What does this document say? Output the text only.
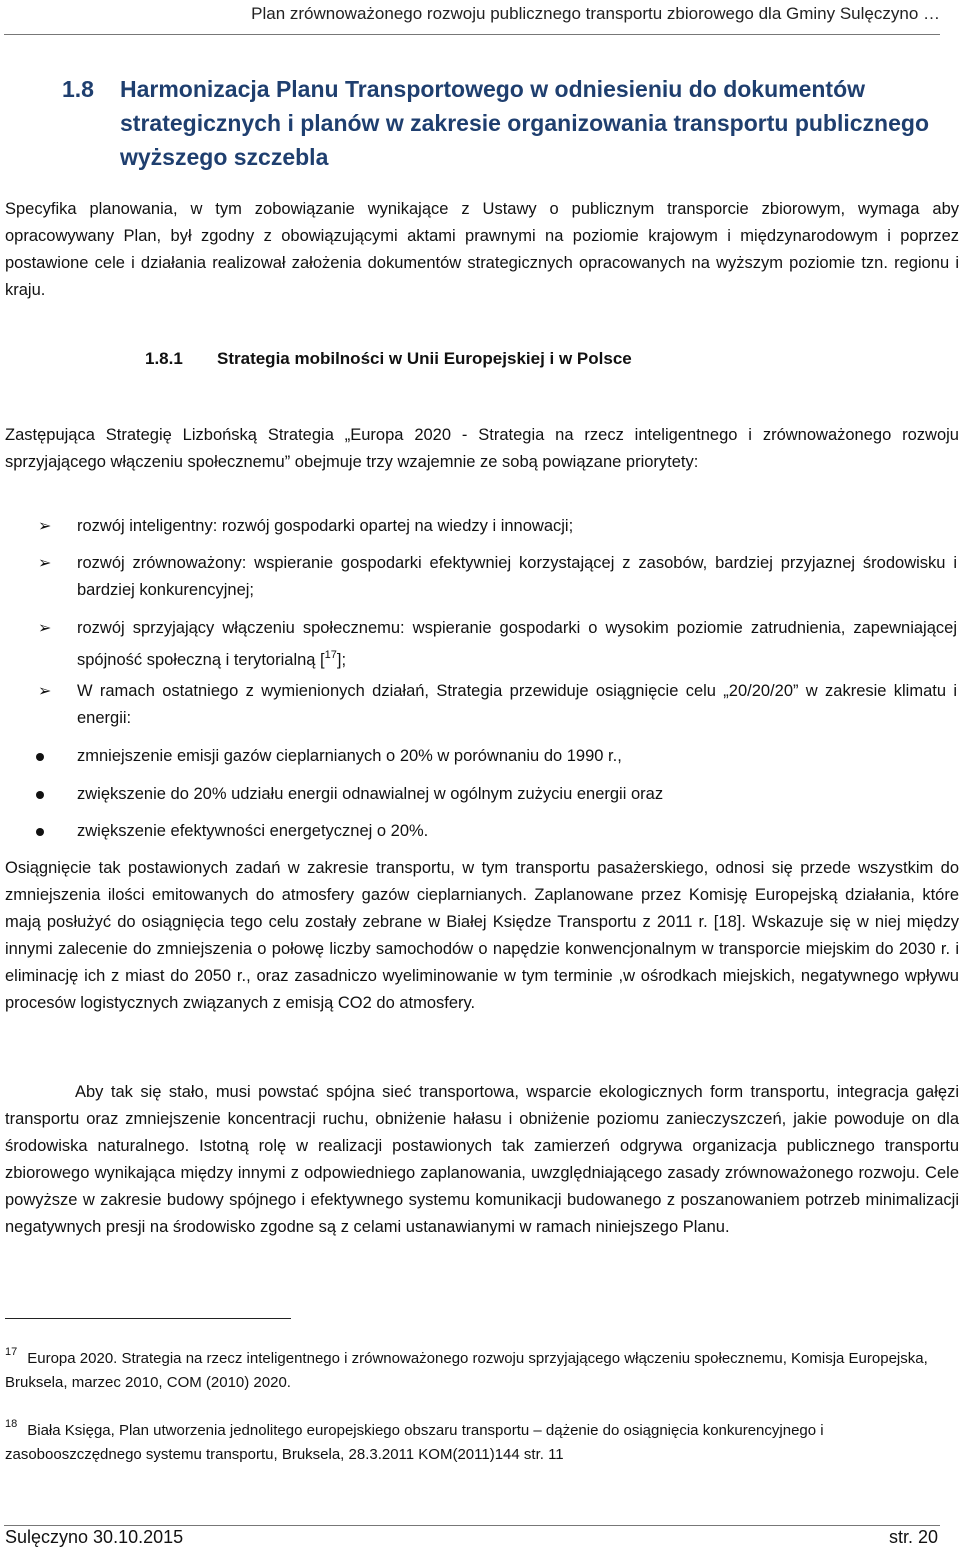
Plan zrównoważonego rozwoju publicznego transportu zbiorowego dla Gminy Sulęczyno …
1.8 Harmonizacja Planu Transportowego w odniesieniu do dokumentów strategicznych i planów w zakresie organizowania transportu publicznego wyższego szczebla
Specyfika planowania, w tym zobowiązanie wynikające z Ustawy o publicznym transporcie zbiorowym, wymaga aby opracowywany Plan, był zgodny z obowiązującymi aktami prawnymi na poziomie krajowym i międzynarodowym i poprzez postawione cele i działania realizował założenia dokumentów strategicznych opracowanych na wyższym poziomie tzn. regionu i kraju.
1.8.1 Strategia mobilności w Unii Europejskiej i w Polsce
Zastępująca Strategię Lizbońską Strategia „Europa 2020 - Strategia na rzecz inteligentnego i zrównoważonego rozwoju sprzyjającego włączeniu społecznemu” obejmuje trzy wzajemnie ze sobą powiązane priorytety:
➢ rozwój inteligentny: rozwój gospodarki opartej na wiedzy i innowacji;
➢ rozwój zrównoważony: wspieranie gospodarki efektywniej korzystającej z zasobów, bardziej przyjaznej środowisku i bardziej konkurencyjnej;
➢ rozwój sprzyjający włączeniu społecznemu: wspieranie gospodarki o wysokim poziomie zatrudnienia, zapewniającej spójność społeczną i terytorialną [$^{17}$];
➢ W ramach ostatniego z wymienionych działań, Strategia przewiduje osiągnięcie celu „20/20/20” w zakresie klimatu i energii:
zmniejszenie emisji gazów cieplarnianych o 20% w porównaniu do 1990 r.,
zwiększenie do 20% udziału energii odnawialnej w ogólnym zużyciu energii oraz
zwiększenie efektywności energetycznej o 20%.
Osiągnięcie tak postawionych zadań w zakresie transportu, w tym transportu pasażerskiego, odnosi się przede wszystkim do zmniejszenia ilości emitowanych do atmosfery gazów cieplarnianych. Zaplanowane przez Komisję Europejską działania, które mają posłużyć do osiągnięcia tego celu zostały zebrane w Białej Księdze Transportu z 2011 r. [18]. Wskazuje się w niej między innymi zalecenie do zmniejszenia o połowę liczby samochodów o napędzie konwencjonalnym w transporcie miejskim do 2030 r. i eliminację ich z miast do 2050 r., oraz zasadniczo wyeliminowanie w tym terminie ,w ośrodkach miejskich, negatywnego wpływu procesów logistycznych związanych z emisją CO2 do atmosfery.
Aby tak się stało, musi powstać spójna sieć transportowa, wsparcie ekologicznych form transportu, integracja gałęzi transportu oraz zmniejszenie koncentracji ruchu, obniżenie hałasu i obniżenie poziomu zanieczyszczeń, jakie powoduje on dla środowiska naturalnego. Istotną rolę w realizacji postawionych tak zamierzeń odgrywa organizacja publicznego transportu zbiorowego wynikająca między innymi z odpowiedniego zaplanowania, uwzględniającego zasady zrównoważonego rozwoju. Cele powyższe w zakresie budowy spójnego i efektywnego systemu komunikacji budowanego z poszanowaniem potrzeb minimalizacji negatywnych presji na środowisko zgodne są z celami ustanawianymi w ramach niniejszego Planu.
$^{17}$ Europa 2020. Strategia na rzecz inteligentnego i zrównoważonego rozwoju sprzyjającego włączeniu społecznemu, Komisja Europejska, Bruksela, marzec 2010, COM (2010) 2020.
$^{18}$ Biała Księga, Plan utworzenia jednolitego europejskiego obszaru transportu – dążenie do osiągnięcia konkurencyjnego i zasobooszczędnego systemu transportu, Bruksela, 28.3.2011 KOM(2011)144 str. 11
Sulęczyno 30.10.2015	str. 20
